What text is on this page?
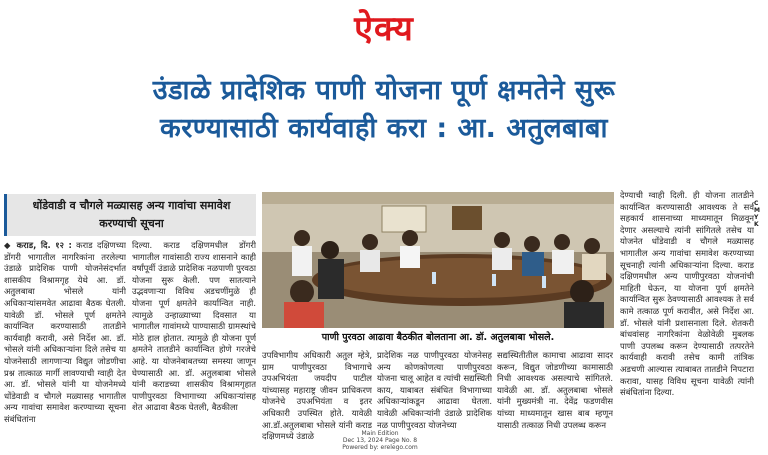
ऐक्य
उंडाळे प्रादेशिक पाणी योजना पूर्ण क्षमतेने सुरू
करण्यासाठी कार्यवाही करा : आ. अतुलबाबा
धोंडेवाडी व चौगले मळ्यासह अन्य गावांचा समावेश करण्याची सूचना
◆ कराड, दि. १२ : कराड दक्षिणच्या डोंगरी भागातील नागरिकांना तरलेल्या उंडाळे प्रादेशिक पाणी योजनेसंदर्भात शासकीय विश्रामगृह येथे आ. डॉ. अतुलबाबा भोसले यांनी अधिकाऱ्यांसमवेत आढावा बैठक घेतली. यावेळी डॉ. भोसले पूर्ण क्षमतेने कार्यान्वित करण्यासाठी तातडीने कार्यवाही करावी, असे निर्देश आ. डॉ. भोसले यांनी अधिकाऱ्यांना दिले तसेच या योजनेसाठी लागणाऱ्या विद्युत जोडणीचा प्रश्न तात्काळ मार्गी लावण्याची ग्वाही देत आ. डॉ. भोसले यांनी या योजनेमध्ये धोंडेवाडी व चौगले मळ्यासह भागातील अन्य गावांचा समावेश करण्याच्या सूचना संबंधितांना
दिल्या. कराड दक्षिणमधील डोंगरी भागातील गावांसाठी राज्य शासनाने काही वर्षांपूर्वी उंडाळे प्रादेशिक नळपाणी पुरवठा योजना सुरू केली. पण सातत्याने उद्भवणाऱ्या विविध अडचणींमुळे ही योजना पूर्ण क्षमतेने कार्यान्वित नाही. त्यामुळे उन्हाळ्याच्या दिवसात या भागातील गावांमध्ये पाण्यासाठी ग्रामस्थांचे मोठे हाल होतात. त्यामुळे ही योजना पूर्ण क्षमतेने तातडीने कार्यान्वित होणे गरजेचे आहे. या योजनेबाबतच्या समस्या जाणून घेण्यासाठी आ. डॉ. अतुलबाबा भोसले यांनी कराडच्या शासकीय विश्रामगृहात पाणीपुरवठा विभागाच्या अधिकाऱ्यांसह शेत आढावा बैठक घेतली, बैठकीला
पाणी पुरवठा आढावा बैठकीत बोलताना आ. डॉ. अतुलबाबा भोसले.
उपविभागीय अधिकारी अतुल म्हेत्रे, ग्राम पाणीपुरवठा विभागाचे उपअभियंता जयदीप पाटील यांच्यासह महाराष्ट्र जीवन प्राधिकरण योजनेचे उपअभियंता व इतर अधिकारी उपस्थित होते. यावेळी आ.डॉ.अतुलबाबा भोसले यांनी कराड दक्षिणमध्ये उंडाळे
प्रादेशिक नळ पाणीपुरवठा योजनेसह अन्य कोणकोणत्या पाणीपुरवठा योजना चालू आहेत व त्यांची सद्यस्थिती काय, याबाबत संबंधित विभागाच्या अधिकाऱ्यांकडून आढावा घेतला. यावेळी अधिकाऱ्यांनी उंडाळे प्रादेशिक नळ पाणीपुरवठा योजनेच्या
सद्यस्थितीतील कामाचा आढावा सादर करून, विद्युत जोडणीच्या कामासाठी निधी आवश्यक असल्याचे सांगितले. यावेळी आ. डॉ. अतुलबाबा भोसले यांनी मुख्यमंत्री ना. देवेंद्र फडणवीस यांच्या माध्यमातून खास बाब म्हणून यासाठी तत्काळ निधी उपलब्ध करून
देण्याची ग्वाही दिली. ही योजना तातडीने कार्यान्वित करण्यासाठी आवश्यक ते सर्व सहकार्य शासनाच्या माध्यमातून मिळवून देणार असल्याचे त्यांनी सांगितले तसेच या योजनेत धोंडेवाडी व चौगले मळ्यासह भागातील अन्य गावांचा समावेश करण्याच्या सूचनाही त्यांनी अधिकाऱ्यांना दिल्या. कराड दक्षिणमधील अन्य पाणीपुरवठा योजनांची माहिती घेऊन, या योजना पूर्ण क्षमतेने कार्यान्वित सुरू ठेवण्यासाठी आवश्यक ते सर्व कामे तत्काळ पूर्ण करावीत, असे निर्देश आ. डॉ. भोसले यांनी प्रशासनाला दिले. शेतकरी बांधवांसह नागरिकांना वेळोवेळी मुबलक पाणी उपलब्ध करून देण्यासाठी तत्परतेने कार्यवाही करावी तसेच कामी तांत्रिक अडचणी आल्यास त्याबाबत तातडीने निपटारा करावा, यासह विविध सूचना यावेळी त्यांनी संबंधितांना दिल्या.
C M Y K
Main Edition
Dec 13, 2024 Page No. 8
Powered by: erelego.com
